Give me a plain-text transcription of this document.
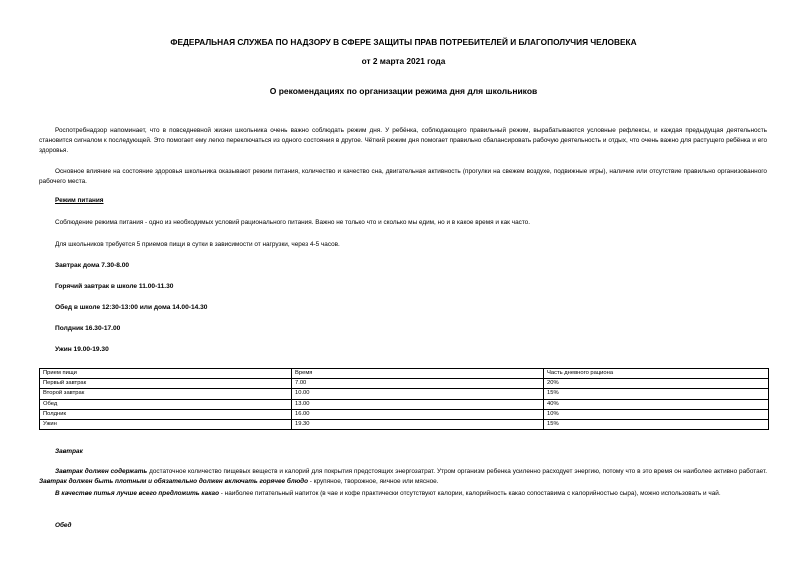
ФЕДЕРАЛЬНАЯ СЛУЖБА ПО НАДЗОРУ В СФЕРЕ ЗАЩИТЫ ПРАВ ПОТРЕБИТЕЛЕЙ И БЛАГОПОЛУЧИЯ ЧЕЛОВЕКА
от 2 марта 2021 года
О рекомендациях по организации режима дня для школьников
Роспотребнадзор напоминает, что в повседневной жизни школьника очень важно соблюдать режим дня. У ребёнка, соблюдающего правильный режим, вырабатываются условные рефлексы, и каждая предыдущая деятельность становится сигналом к последующей. Это помогает ему легко переключаться из одного состояния в другое. Чёткий режим дня помогает правильно сбалансировать рабочую деятельность и отдых, что очень важно для растущего ребёнка и его здоровья.
Основное влияние на состояние здоровья школьника оказывают режим питания, количество и качество сна, двигательная активность (прогулки на свежем воздухе, подвижные игры), наличие или отсутствие правильно организованного рабочего места.
Режим питания
Соблюдение режима питания - одно из необходимых условий рационального питания. Важно не только что и сколько мы едим, но и в какое время и как часто.
Для школьников требуется 5 приемов пищи в сутки в зависимости от нагрузки, через 4-5 часов.
Завтрак дома 7.30-8.00
Горячий завтрак в школе 11.00-11.30
Обед в школе 12:30-13:00 или дома 14.00-14.30
Полдник 16.30-17.00
Ужин 19.00-19.30
Прием пищи	Время	Часть дневного рациона
Первый завтрак	7.00	20%
Второй завтрак	10.00	15%
Обед	13.00	40%
Полдник	16.00	10%
Ужин	19.30	15%
Завтрак
Завтрак должен содержать достаточное количество пищевых веществ и калорий для покрытия предстоящих энергозатрат. Утром организм ребенка усиленно расходует энергию, потому что в это время он наиболее активно работает. Завтрак должен быть плотным и обязательно должен включать горячее блюдо - крупяное, творожное, яичное или мясное.
В качестве питья лучше всего предложить какао - наиболее питательный напиток (в чае и кофе практически отсутствуют калории, калорийность какао сопоставима с калорийностью сыра), можно использовать и чай.
Обед
